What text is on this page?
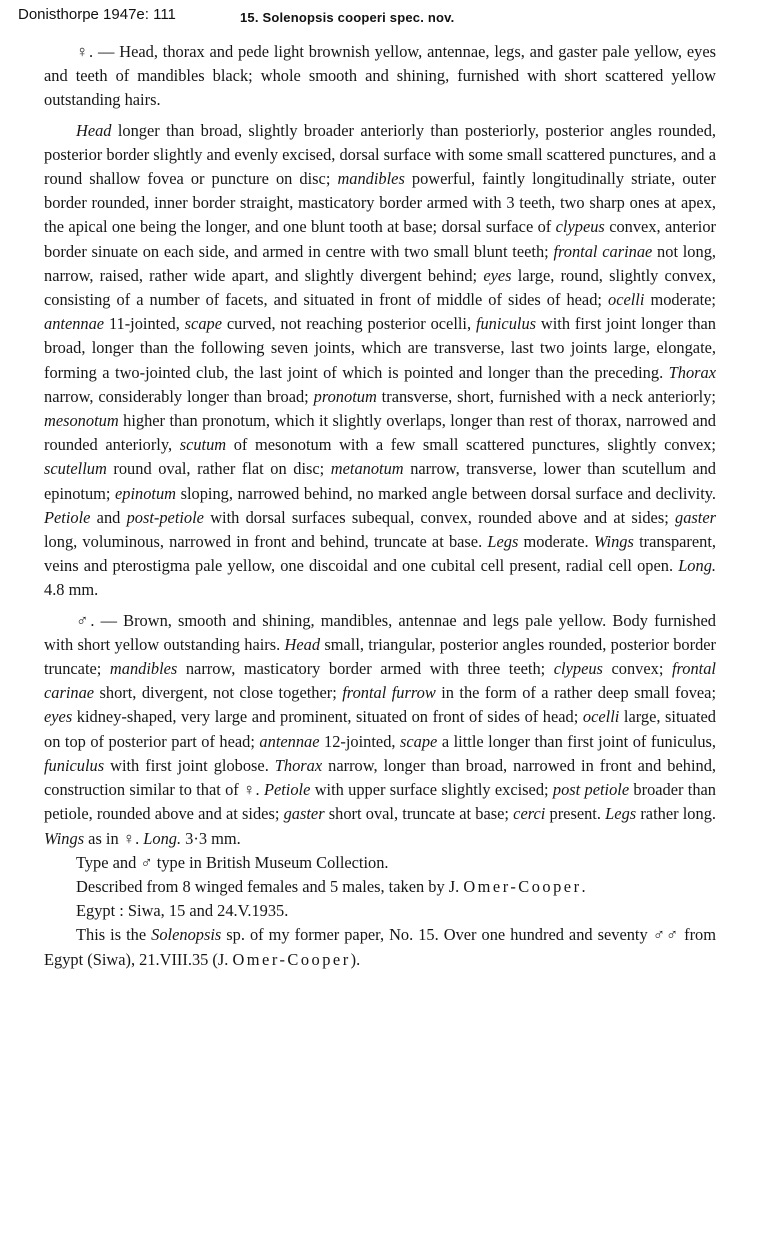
Donisthorpe 1947e: 111	15. Solenopsis cooperi spec. nov.

♀. — Head, thorax and pede light brownish yellow, antennae, legs, and gaster pale yellow, eyes and teeth of mandibles black; whole smooth and shining, furnished with short scattered yellow outstanding hairs.

Head longer than broad, slightly broader anteriorly than posteriorly, posterior angles rounded, posterior border slightly and evenly excised, dorsal surface with some small scattered punctures, and a round shallow fovea or puncture on disc; mandibles powerful, faintly longitudinally striate, outer border rounded, inner border straight, masticatory border armed with 3 teeth, two sharp ones at apex, the apical one being the longer, and one blunt tooth at base; dorsal surface of clypeus convex, anterior border sinuate on each side, and armed in centre with two small blunt teeth; frontal carinae not long, narrow, raised, rather wide apart, and slightly divergent behind; eyes large, round, slightly convex, consisting of a number of facets, and situated in front of middle of sides of head; ocelli moderate; antennae 11-jointed, scape curved, not reaching posterior ocelli, funiculus with first joint longer than broad, longer than the following seven joints, which are transverse, last two joints large, elongate, forming a two-jointed club, the last joint of which is pointed and longer than the preceding. Thorax narrow, considerably longer than broad; pronotum transverse, short, furnished with a neck anteriorly; mesonotum higher than pronotum, which it slightly overlaps, longer than rest of thorax, narrowed and rounded anteriorly, scutum of mesonotum with a few small scattered punctures, slightly convex; scutellum round oval, rather flat on disc; metanotum narrow, transverse, lower than scutellum and epinotum; epinotum sloping, narrowed behind, no marked angle between dorsal surface and declivity. Petiole and post-petiole with dorsal surfaces subequal, convex, rounded above and at sides; gaster long, voluminous, narrowed in front and behind, truncate at base. Legs moderate. Wings transparent, veins and pterostigma pale yellow, one discoidal and one cubital cell present, radial cell open. Long. 4.8 mm.

♂. — Brown, smooth and shining, mandibles, antennae and legs pale yellow. Body furnished with short yellow outstanding hairs. Head small, triangular, posterior angles rounded, posterior border truncate; mandibles narrow, masticatory border armed with three teeth; clypeus convex; frontal carinae short, divergent, not close together; frontal furrow in the form of a rather deep small fovea; eyes kidney-shaped, very large and prominent, situated on front of sides of head; ocelli large, situated on top of posterior part of head; antennae 12-jointed, scape a little longer than first joint of funiculus, funiculus with first joint globose. Thorax narrow, longer than broad, narrowed in front and behind, construction similar to that of ♀. Petiole with upper surface slightly excised; post petiole broader than petiole, rounded above and at sides; gaster short oval, truncate at base; cerci present. Legs rather long. Wings as in ♀. Long. 3·3 mm.

Type and ♂ type in British Museum Collection.

Described from 8 winged females and 5 males, taken by J. Omer-Cooper.

Egypt : Siwa, 15 and 24.V.1935.

This is the Solenopsis sp. of my former paper, No. 15. Over one hundred and seventy ♂♂ from Egypt (Siwa), 21.VIII.35 (J. Omer-Cooper).
